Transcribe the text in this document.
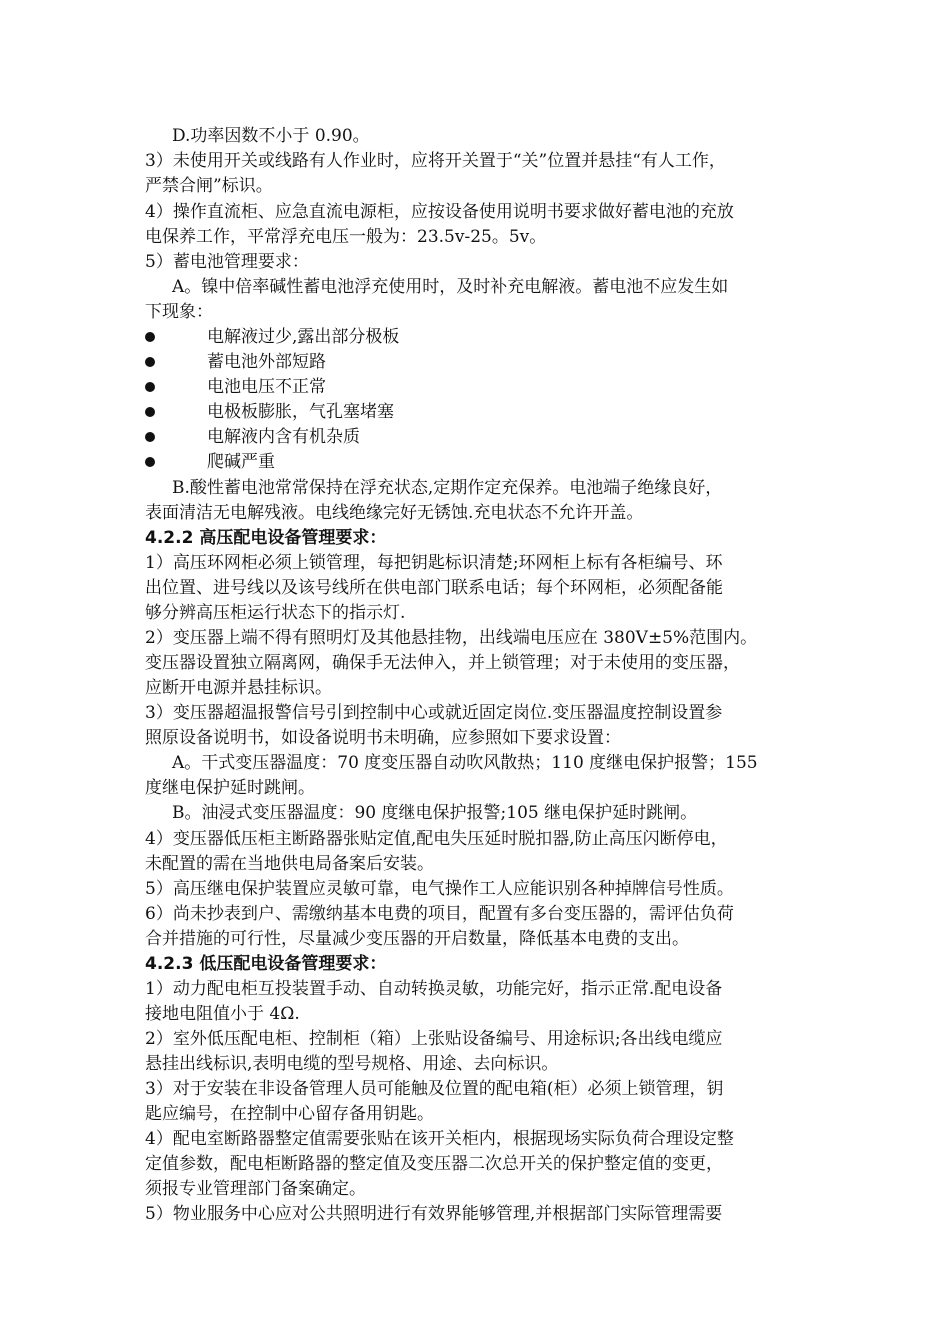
D.功率因数不小于 0.90。
3）未使用开关或线路有人作业时，应将开关置于“关”位置并悬挂“有人工作，
严禁合闸”标识。
4）操作直流柜、应急直流电源柜，应按设备使用说明书要求做好蓄电池的充放
电保养工作，平常浮充电压一般为：23.5v-25。5v。
5）蓄电池管理要求：
A。镍中倍率碱性蓄电池浮充使用时，及时补充电解液。蓄电池不应发生如
下现象：
电解液过少,露出部分极板
蓄电池外部短路
电池电压不正常
电极板膨胀，气孔塞堵塞
电解液内含有机杂质
爬碱严重
B.酸性蓄电池常常保持在浮充状态,定期作定充保养。电池端子绝缘良好，
表面清洁无电解残液。电线绝缘完好无锈蚀.充电状态不允许开盖。
4.2.2 高压配电设备管理要求：
1）高压环网柜必须上锁管理，每把钥匙标识清楚;环网柜上标有各柜编号、环
出位置、进号线以及该号线所在供电部门联系电话；每个环网柜，必须配备能
够分辨高压柜运行状态下的指示灯.
2）变压器上端不得有照明灯及其他悬挂物，出线端电压应在 380V±5%范围内。
变压器设置独立隔离网，确保手无法伸入，并上锁管理；对于未使用的变压器，
应断开电源并悬挂标识。
3）变压器超温报警信号引到控制中心或就近固定岗位.变压器温度控制设置参
照原设备说明书，如设备说明书未明确，应参照如下要求设置：
A。干式变压器温度：70 度变压器自动吹风散热；110 度继电保护报警；155
度继电保护延时跳闸。
B。油浸式变压器温度：90 度继电保护报警;105 继电保护延时跳闸。
4）变压器低压柜主断路器张贴定值,配电失压延时脱扣器,防止高压闪断停电，
未配置的需在当地供电局备案后安装。
5）高压继电保护装置应灵敏可靠，电气操作工人应能识别各种掉牌信号性质。
6）尚未抄表到户、需缴纳基本电费的项目，配置有多台变压器的，需评估负荷
合并措施的可行性，尽量减少变压器的开启数量，降低基本电费的支出。
4.2.3 低压配电设备管理要求：
1）动力配电柜互投装置手动、自动转换灵敏，功能完好，指示正常.配电设备
接地电阻值小于 4Ω.
2）室外低压配电柜、控制柜（箱）上张贴设备编号、用途标识;各出线电缆应
悬挂出线标识,表明电缆的型号规格、用途、去向标识。
3）对于安装在非设备管理人员可能触及位置的配电箱(柜）必须上锁管理，钥
匙应编号，在控制中心留存备用钥匙。
4）配电室断路器整定值需要张贴在该开关柜内，根据现场实际负荷合理设定整
定值参数，配电柜断路器的整定值及变压器二次总开关的保护整定值的变更，
须报专业管理部门备案确定。
5）物业服务中心应对公共照明进行有效界能够管理,并根据部门实际管理需要
